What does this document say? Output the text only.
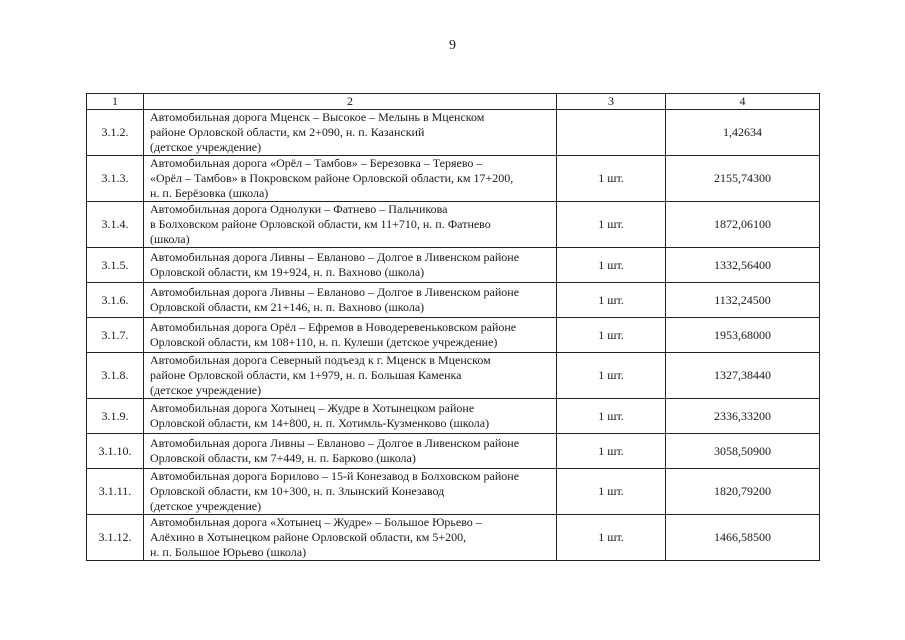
9
1	2	3	4
3.1.2.	Автомобильная дорога Мценск – Высокое – Мелынь в Мценском
районе Орловской области, км 2+090, н. п. Казанский
(детское учреждение)		1,42634
3.1.3.	Автомобильная дорога «Орёл – Тамбов» – Березовка – Теряево –
«Орёл – Тамбов» в Покровском районе Орловской области, км 17+200,
н. п. Берёзовка (школа)	1 шт.	2155,74300
3.1.4.	Автомобильная дорога Однолуки – Фатнево – Пальчикова
в Болховском районе Орловской области, км 11+710, н. п. Фатнево
(школа)	1 шт.	1872,06100
3.1.5.	Автомобильная дорога Ливны – Евланово – Долгое в Ливенском районе
Орловской области, км 19+924, н. п. Вахново (школа)	1 шт.	1332,56400
3.1.6.	Автомобильная дорога Ливны – Евланово – Долгое в Ливенском районе
Орловской области, км 21+146, н. п. Вахново (школа)	1 шт.	1132,24500
3.1.7.	Автомобильная дорога Орёл – Ефремов в Новодеревеньковском районе
Орловской области, км 108+110, н. п. Кулеши (детское учреждение)	1 шт.	1953,68000
3.1.8.	Автомобильная дорога Северный подъезд к г. Мценск в Мценском
районе Орловской области, км 1+979, н. п. Большая Каменка
(детское учреждение)	1 шт.	1327,38440
3.1.9.	Автомобильная дорога Хотынец – Жудре в Хотынецком районе
Орловской области, км 14+800, н. п. Хотимль-Кузменково (школа)	1 шт.	2336,33200
3.1.10.	Автомобильная дорога Ливны – Евланово – Долгое в Ливенском районе
Орловской области, км 7+449, н. п. Барково (школа)	1 шт.	3058,50900
3.1.11.	Автомобильная дорога Борилово – 15-й Конезавод в Болховском районе
Орловской области, км 10+300, н. п. Злынский Конезавод
(детское учреждение)	1 шт.	1820,79200
3.1.12.	Автомобильная дорога «Хотынец – Жудре» – Большое Юрьево –
Алёхино в Хотынецком районе Орловской области, км 5+200,
н. п. Большое Юрьево (школа)	1 шт.	1466,58500
